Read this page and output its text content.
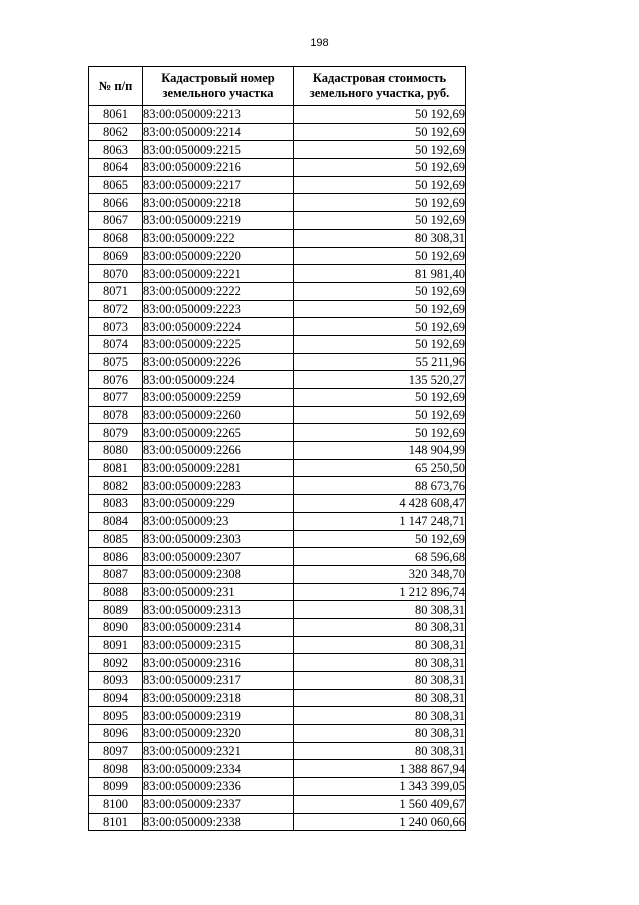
198
№ п/п	Кадастровый номер земельного участка	Кадастровая стоимость земельного участка, руб.
8061	83:00:050009:2213	50 192,69
8062	83:00:050009:2214	50 192,69
8063	83:00:050009:2215	50 192,69
8064	83:00:050009:2216	50 192,69
8065	83:00:050009:2217	50 192,69
8066	83:00:050009:2218	50 192,69
8067	83:00:050009:2219	50 192,69
8068	83:00:050009:222	80 308,31
8069	83:00:050009:2220	50 192,69
8070	83:00:050009:2221	81 981,40
8071	83:00:050009:2222	50 192,69
8072	83:00:050009:2223	50 192,69
8073	83:00:050009:2224	50 192,69
8074	83:00:050009:2225	50 192,69
8075	83:00:050009:2226	55 211,96
8076	83:00:050009:224	135 520,27
8077	83:00:050009:2259	50 192,69
8078	83:00:050009:2260	50 192,69
8079	83:00:050009:2265	50 192,69
8080	83:00:050009:2266	148 904,99
8081	83:00:050009:2281	65 250,50
8082	83:00:050009:2283	88 673,76
8083	83:00:050009:229	4 428 608,47
8084	83:00:050009:23	1 147 248,71
8085	83:00:050009:2303	50 192,69
8086	83:00:050009:2307	68 596,68
8087	83:00:050009:2308	320 348,70
8088	83:00:050009:231	1 212 896,74
8089	83:00:050009:2313	80 308,31
8090	83:00:050009:2314	80 308,31
8091	83:00:050009:2315	80 308,31
8092	83:00:050009:2316	80 308,31
8093	83:00:050009:2317	80 308,31
8094	83:00:050009:2318	80 308,31
8095	83:00:050009:2319	80 308,31
8096	83:00:050009:2320	80 308,31
8097	83:00:050009:2321	80 308,31
8098	83:00:050009:2334	1 388 867,94
8099	83:00:050009:2336	1 343 399,05
8100	83:00:050009:2337	1 560 409,67
8101	83:00:050009:2338	1 240 060,66
